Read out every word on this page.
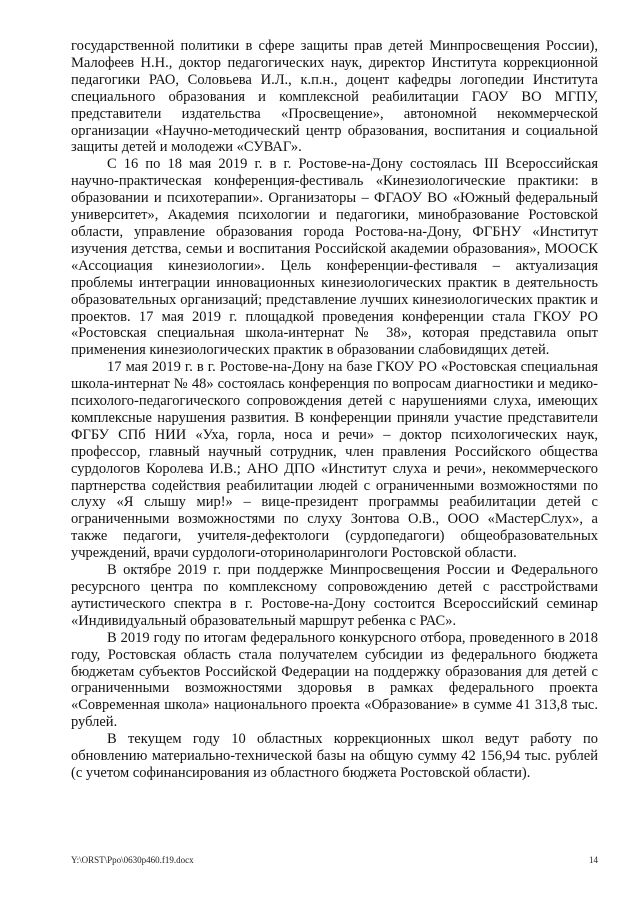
государственной политики в сфере защиты прав детей Минпросвещения России), Малофеев Н.Н., доктор педагогических наук, директор Института коррекционной педагогики РАО, Соловьева И.Л., к.п.н., доцент кафедры логопедии Института специального образования и комплексной реабилитации ГАОУ ВО МГПУ, представители издательства «Просвещение», автономной некоммерческой организации «Научно-методический центр образования, воспитания и социальной защиты детей и молодежи «СУВАГ».

С 16 по 18 мая 2019 г. в г. Ростове-на-Дону состоялась III Всероссийская научно-практическая конференция-фестиваль «Кинезиологические практики: в образовании и психотерапии». Организаторы – ФГАОУ ВО «Южный федеральный университет», Академия психологии и педагогики, минобразование Ростовской области, управление образования города Ростова-на-Дону, ФГБНУ «Институт изучения детства, семьи и воспитания Российской академии образования», МООСК «Ассоциация кинезиологии». Цель конференции-фестиваля – актуализация проблемы интеграции инновационных кинезиологических практик в деятельность образовательных организаций; представление лучших кинезиологических практик и проектов. 17 мая 2019 г. площадкой проведения конференции стала ГКОУ РО «Ростовская специальная школа-интернат № 38», которая представила опыт применения кинезиологических практик в образовании слабовидящих детей.

17 мая 2019 г. в г. Ростове-на-Дону на базе ГКОУ РО «Ростовская специальная школа-интернат № 48» состоялась конференция по вопросам диагностики и медико-психолого-педагогического сопровождения детей с нарушениями слуха, имеющих комплексные нарушения развития. В конференции приняли участие представители ФГБУ СПб НИИ «Уха, горла, носа и речи» – доктор психологических наук, профессор, главный научный сотрудник, член правления Российского общества сурдологов Королева И.В.; АНО ДПО «Институт слуха и речи», некоммерческого партнерства содействия реабилитации людей с ограниченными возможностями по слуху «Я слышу мир!» – вице-президент программы реабилитации детей с ограниченными возможностями по слуху Зонтова О.В., ООО «МастерСлух», а также педагоги, учителя-дефектологи (сурдопедагоги) общеобразовательных учреждений, врачи сурдологи-оториноларингологи Ростовской области.

В октябре 2019 г. при поддержке Минпросвещения России и Федерального ресурсного центра по комплексному сопровождению детей с расстройствами аутистического спектра в г. Ростове-на-Дону состоится Всероссийский семинар «Индивидуальный образовательный маршрут ребенка с РАС».

В 2019 году по итогам федерального конкурсного отбора, проведенного в 2018 году, Ростовская область стала получателем субсидии из федерального бюджета бюджетам субъектов Российской Федерации на поддержку образования для детей с ограниченными возможностями здоровья в рамках федерального проекта «Современная школа» национального проекта «Образование» в сумме 41 313,8 тыс. рублей.

В текущем году 10 областных коррекционных школ ведут работу по обновлению материально-технической базы на общую сумму 42 156,94 тыс. рублей (с учетом софинансирования из областного бюджета Ростовской области).

Y:\ORST\Ppo\0630p460.f19.docx	14
